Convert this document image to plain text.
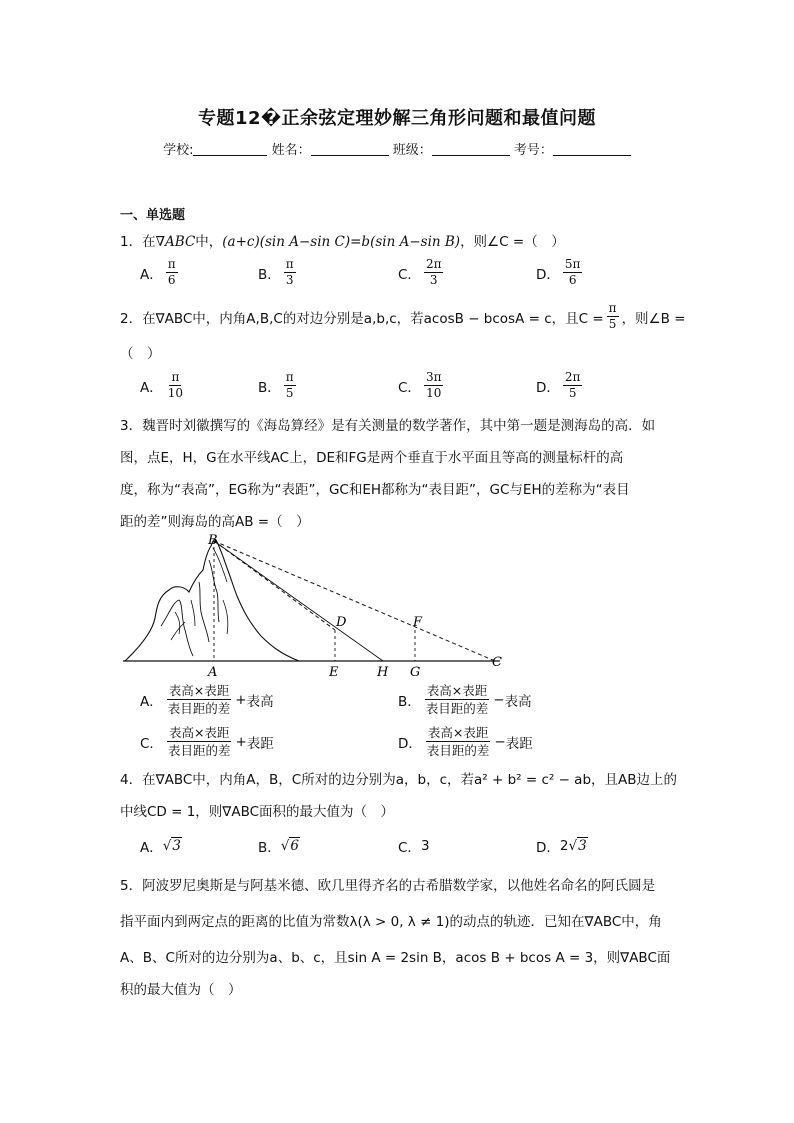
专题12�正余弦定理妙解三角形问题和最值问题
学校:	姓名：	班级：	考号：
一、单选题
1．在∇ABC中，(a+c)(sin A−sin C)=b(sin A−sin B)，则∠C =（　）
A． $\frac{\pi}{6}$	B． $\frac{\pi}{3}$	C． $\frac{2\pi}{3}$	D． $\frac{5\pi}{6}$
2．在∇ABC中，内角A,B,C的对边分别是a,b,c，若acosB − bcosA = c，且$C = \frac{\pi}{5}$ ，则∠B =
（　）
A． $\frac{\pi}{10}$	B． $\frac{\pi}{5}$	C． $\frac{3\pi}{10}$	D． $\frac{2\pi}{5}$
3．魏晋时刘徽撰写的《海岛算经》是有关测量的数学著作，其中第一题是测海岛的高．如
图，点E，H，G在水平线AC上，DE和FG是两个垂直于水平面且等高的测量标杆的高
度，称为“表高”，EG称为“表距”，GC和EH都称为“表目距”，GC与EH的差称为“表目
距的差”则海岛的高AB =（　）
B
D	F
A	E	H G
C
A． $\frac{\text{表高×表距}}{\text{表目距的差}}$ + 表高	B． $\frac{\text{表高×表距}}{\text{表目距的差}}$ − 表高
C． $\frac{\text{表高×表距}}{\text{表目距的差}}$ + 表距	D． $\frac{\text{表高×表距}}{\text{表目距的差}}$ − 表距
4．在∇ABC中，内角A，B，C所对的边分别为a，b，c，若a² + b² = c² − ab，且AB边上的
中线CD = 1，则∇ABC面积的最大值为（　）
A． √3	B． √6	C． 3	D． 2 √3
5．阿波罗尼奥斯是与阿基米德、欧几里得齐名的古希腊数学家，以他姓名命名的阿氏圆是
指平面内到两定点的距离的比值为常数λ(λ > 0, λ ≠ 1)的动点的轨迹．已知在∇ABC中，角
A、B、C所对的边分别为a、b、c，且sin A = 2sin B，acos B + bcos A = 3，则∇ABC面
积的最大值为（　）
